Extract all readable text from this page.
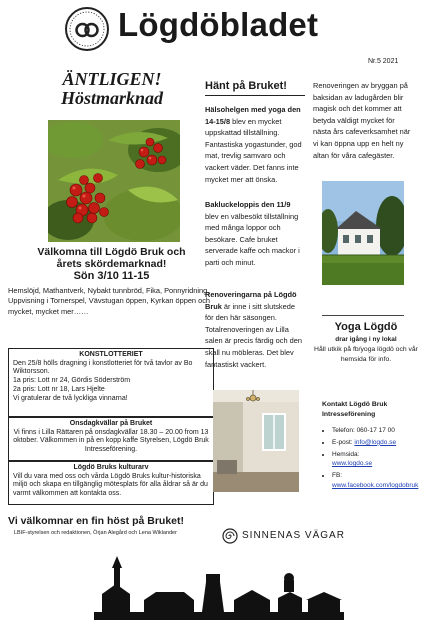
Lögdöbladet
Nr.5 2021
ÄNTLIGEN!
Höstmarknad
Välkomna till Lögdö Bruk och
årets skördemarknad!
Sön 3/10 11-15
Hemslöjd, Mathantverk, Nybakt tunnbröd, Fika, Ponnyridning, Uppvisning i Tornerspel, Vävstugan öppen, Kyrkan öppen och mycket, mycket mer……
KONSTLOTTERIET
Den 25/8 hölls dragning i konstlotteriet för två tavlor av Bo Wiktorsson.
1a pris: Lott nr 24, Gördis Söderström
2a pris: Lott nr 18, Lars Hjelte
Vi gratulerar de två lyckliga vinnarna!
Onsdagkvällar på Bruket
Vi finns i Lilla Rättaren på onsdagkvällar 18.30 – 20.00 from 13 oktober. Välkommen in på en kopp kaffe Styrelsen, Lögdö Bruk Intresseförening.
Lögdö Bruks kulturarv
Vill du vara med oss och vårda Lögdö Bruks kultur-historiska miljö och skapa en tillgänglig mötesplats för alla åldrar så är du varmt välkommen att kontakta oss.
Vi välkomnar en fin höst på Bruket!
LBIF-styrelsen och redaktionen, Örjan Alegård och Lena Wiklander	SINNENAS VÄGAR
Hänt på Bruket!
Hälsohelgen med yoga den 14-15/8 blev en mycket uppskattad tillställning. Fantastiska yogastunder, god mat, trevlig samvaro och vackert väder. Det fanns inte mycket mer att önska.
Bakluckeloppis den 11/9 blev en välbesökt tillställning med många loppor och besökare. Cafe bruket serverade kaffe och mackor i parti och minut.
Renoveringarna på Lögdö Bruk är inne i sitt slutskede för den här säsongen. Totalrenoveringen av Lilla salen är precis färdig och den skall nu möbleras. Det blev fantastiskt vackert.
Renoveringen av bryggan på baksidan av ladugården blir magisk och det kommer att betyda väldigt mycket för nästa års cafeverksamhet när vi kan öppna upp en helt ny altan för våra cafegäster.
Yoga Lögdö
drar igång i ny lokal
Håll utkik på fb/yoga lögdö och vår hemsida för info.
Kontakt Lögdö Bruk Intresseförening
• Telefon: 060-17 17 00
• E-post: info@logdo.se
• Hemsida:
www.logdo.se
• FB:
www.facebook.com/logdobruk
